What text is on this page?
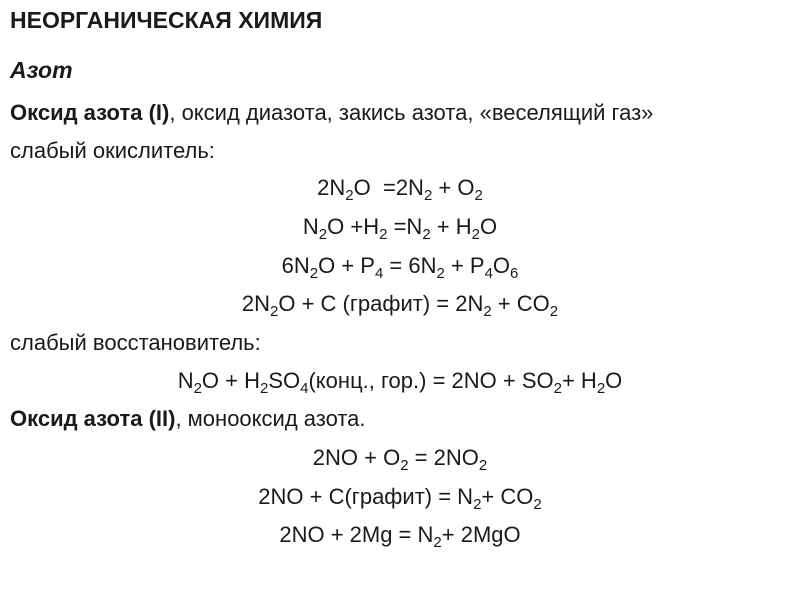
НЕОРГАНИЧЕСКАЯ ХИМИЯ
Азот
Оксид азота (I), оксид диазота, закись азота, «веселящий газ»
слабый окислитель:
$2N_2O =2N_2 + O_2$
$N_2O +H_2 =N_2 + H_2O$
$6N_2O + P_4 = 6N_2 + P_4O_6$
$2N_2O + C$ (графит) = $2N_2 + CO_2$
слабый восстановитель:
$N_2O$ + $H_2SO_4(конц$., $гор.) = 2NO + SO_2+ H_2O$
Оксид азота (II), монооксид азота.
$2NO + O_2 = 2NO_2$
2NO + C(графит) = $N_2+ CO_2$
$2NO + 2Mg = N_2+ 2MgO$
